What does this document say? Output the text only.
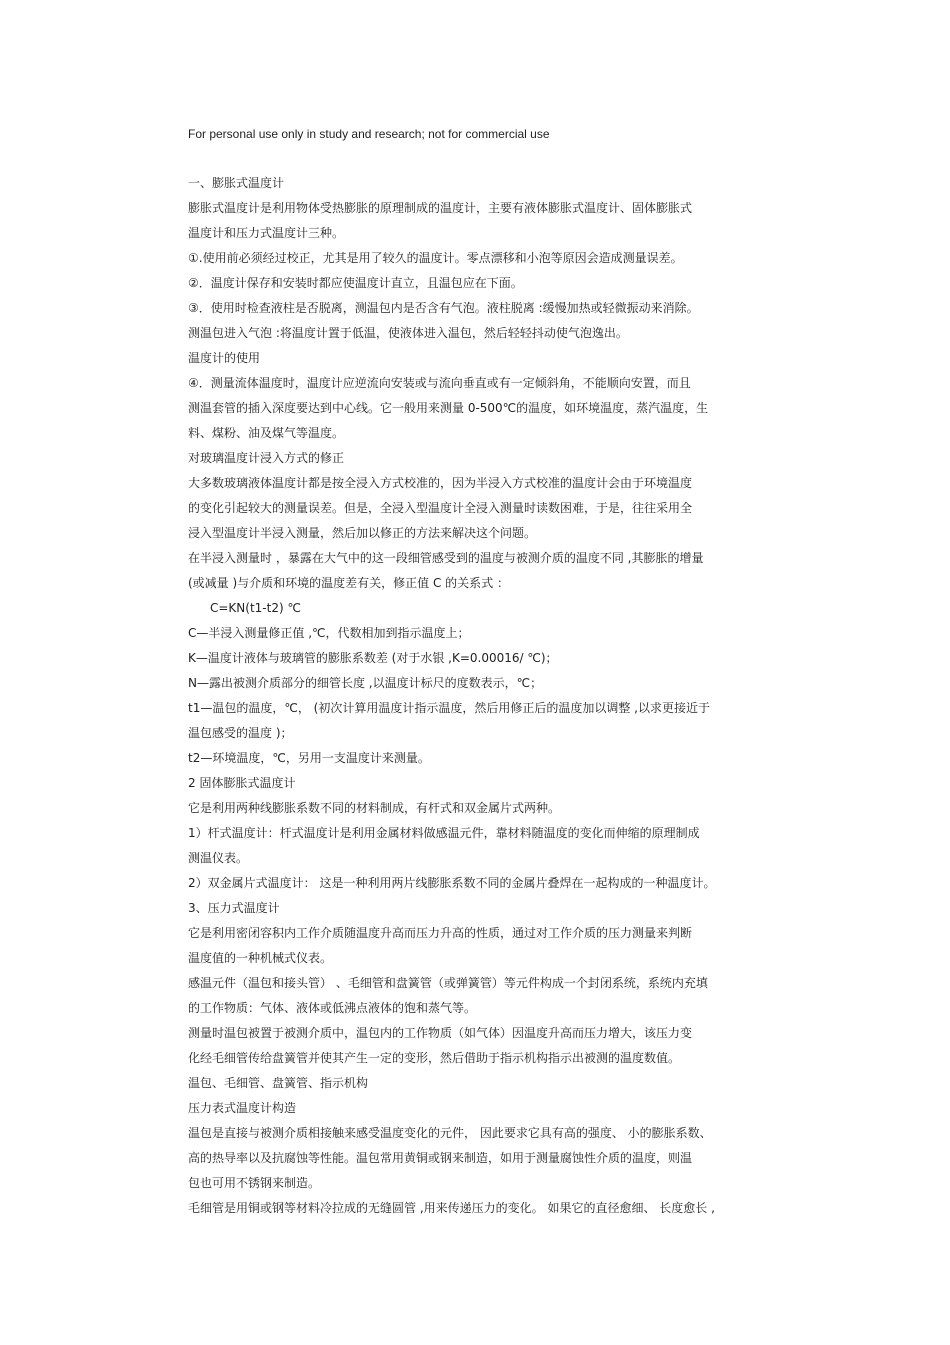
For personal use only in study and research; not for commercial use
一、膨胀式温度计
膨胀式温度计是利用物体受热膨胀的原理制成的温度计，主要有液体膨胀式温度计、固体膨胀式
温度计和压力式温度计三种。
①.使用前必须经过校正，尤其是用了较久的温度计。零点漂移和小泡等原因会造成测量误差。
②．温度计保存和安装时都应使温度计直立，且温包应在下面。
③．使用时检查液柱是否脱离，测温包内是否含有气泡。液柱脱离 :缓慢加热或轻微振动来消除。
测温包进入气泡 :将温度计置于低温，使液体进入温包，然后轻轻抖动使气泡逸出。
温度计的使用
④．测量流体温度时，温度计应逆流向安装或与流向垂直或有一定倾斜角，不能顺向安置，而且
测温套管的插入深度要达到中心线。它一般用来测量 0-500℃的温度，如环境温度，蒸汽温度，生
料、煤粉、油及煤气等温度。
对玻璃温度计浸入方式的修正
大多数玻璃液体温度计都是按全浸入方式校准的，因为半浸入方式校准的温度计会由于环境温度
的变化引起较大的测量误差。但是，全浸入型温度计全浸入测量时读数困难，于是，往往采用全
浸入型温度计半浸入测量，然后加以修正的方法来解决这个问题。
在半浸入测量时 ，暴露在大气中的这一段细管感受到的温度与被测介质的温度不同 ,其膨胀的增量
(或减量 )与介质和环境的温度差有关，修正值 C 的关系式 ：
C=KN(t1-t2) ℃
C—半浸入测量修正值 ,℃，代数相加到指示温度上；
K—温度计液体与玻璃管的膨胀系数差 (对于水银 ,K=0.00016/ ℃)；
N—露出被测介质部分的细管长度 ,以温度计标尺的度数表示，℃；
t1—温包的温度，℃， (初次计算用温度计指示温度，然后用修正后的温度加以调整 ,以求更接近于
温包感受的温度 )；
t2—环境温度，℃，另用一支温度计来测量。
2 固体膨胀式温度计
它是利用两种线膨胀系数不同的材料制成，有杆式和双金属片式两种。
1）杆式温度计：杆式温度计是利用金属材料做感温元件，靠材料随温度的变化而伸缩的原理制成
测温仪表。
2）双金属片式温度计： 这是一种利用两片线膨胀系数不同的金属片叠焊在一起构成的一种温度计。
3、压力式温度计
它是利用密闭容积内工作介质随温度升高而压力升高的性质，通过对工作介质的压力测量来判断
温度值的一种机械式仪表。
感温元件（温包和接头管） 、毛细管和盘簧管（或弹簧管）等元件构成一个封闭系统，系统内充填
的工作物质：气体、液体或低沸点液体的饱和蒸气等。
测量时温包被置于被测介质中，温包内的工作物质（如气体）因温度升高而压力增大，该压力变
化经毛细管传给盘簧管并使其产生一定的变形，然后借助于指示机构指示出被测的温度数值。
温包、毛细管、盘簧管、指示机构
压力表式温度计构造
温包是直接与被测介质相接触来感受温度变化的元件， 因此要求它具有高的强度、 小的膨胀系数、
高的热导率以及抗腐蚀等性能。温包常用黄铜或钢来制造，如用于测量腐蚀性介质的温度，则温
包也可用不锈钢来制造。
毛细管是用铜或钢等材料冷拉成的无缝圆管 ,用来传递压力的变化。 如果它的直径愈细、 长度愈长 ,
